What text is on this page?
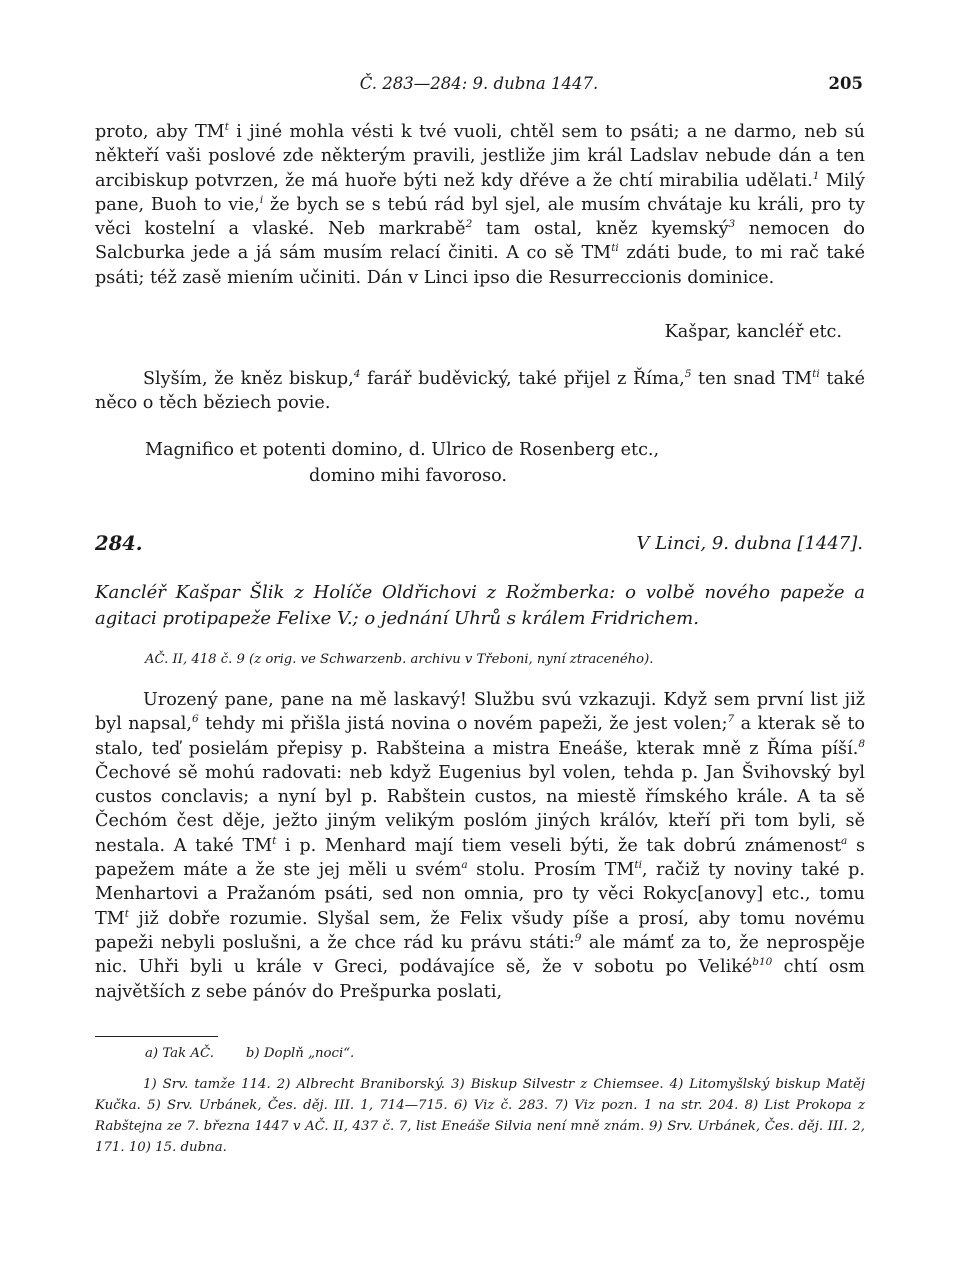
Č. 283—284: 9. dubna 1447.	205

proto, aby $TM^t$ i jiné mohla vésti k tvé vuoli, chtěl sem to psáti; a ne darmo, neb sú někteří vaši poslové zde některým pravili, jestliže jim král Ladslav nebude dán a ten arcibiskup potvrzen, že má huoře býti než kdy dřéve a že chtí mirabilia udělati.$^1$ Milý pane, Buoh to vie,$^i$ že bych se s tebú rád byl sjel, ale musím chvátaje ku králi, pro ty věci kostelní a vlaské. Neb markrabě$^2$ tam ostal, kněz kyemský$^3$ nemocen do Salcburka jede a já sám musím relací činiti. A co sě $TM^{ti}$ zdáti bude, to mi rač také psáti; též zasě miením učiniti. Dán v Linci ipso die Resurreccionis dominice.

Kašpar, kancléř etc.

Slyším, že kněz biskup,$^4$ farář buděvický, také přijel z Říma,$^5$ ten snad $TM^{ti}$ také něco o těch běziech povie.

Magnifico et potenti domino, d. Ulrico de Rosenberg etc.,
domino mihi favoroso.
284.	V Linci, 9. dubna [1447].

Kancléř Kašpar Šlik z Holíče Oldřichovi z Rožmberka: o volbě nového papeže a agitaci protipapeže Felixe V.; o jednání Uhrů s králem Fridrichem.

AČ. II, 418 č. 9 (z orig. ve Schwarzenb. archivu v Třeboni, nyní ztraceného).

Urozený pane, pane na mě laskavý! Službu svú vzkazuji. Když sem první list již byl napsal,$^6$ tehdy mi přišla jistá novina o novém papeži, že jest volen;$^7$ a kterak sě to stalo, teď posielám přepisy p. Rabšteina a mistra Eneáše, kterak mně z Říma píší.$^8$ Čechové sě mohú radovati: neb když Eugenius byl volen, tehda p. Jan Švihovský byl custos conclavis; a nyní byl p. Rabštein custos, na miestě římského krále. A ta sě Čechóm čest děje, ježto jiným velikým poslóm jiných králóv, kteří při tom byli, sě nestala. A také $TM^t$ i p. Menhard mají tiem veseli býti, že tak dobrú známenost$^a$ s papežem máte a že ste jej měli u svém$^a$ stolu. Prosím $TM^{ti}$, račiž ty noviny také p. Menhartovi a Pražanóm psáti, sed non omnia, pro ty věci Rokyc[anovy] etc., tomu $TM^t$ již dobře rozumie. Slyšal sem, že Felix všudy píše a prosí, aby tomu novému papeži nebyli poslušni, a že chce rád ku právu státi:$^9$ ale mámť za to, že neprospěje nic. Uhři byli u krále v Greci, podávajíce sě, že v sobotu po Veliké$^{b10}$ chtí osm najvětších z sebe pánóv do Prešpurka poslati,

a) Tak AČ. b) Doplň „noci“.

1) Srv. tamže 114. 2) Albrecht Braniborský. 3) Biskup Silvestr z Chiemsee. 4) Litomyšlský biskup Matěj Kučka. 5) Srv. Urbánek, Čes. děj. III. 1, 714—715. 6) Viz č. 283. 7) Viz pozn. 1 na str. 204. 8) List Prokopa z Rabštejna ze 7. března 1447 v AČ. II, 437 č. 7, list Eneáše Silvia není mně znám. 9) Srv. Urbánek, Čes. děj. III. 2, 171. 10) 15. dubna.
